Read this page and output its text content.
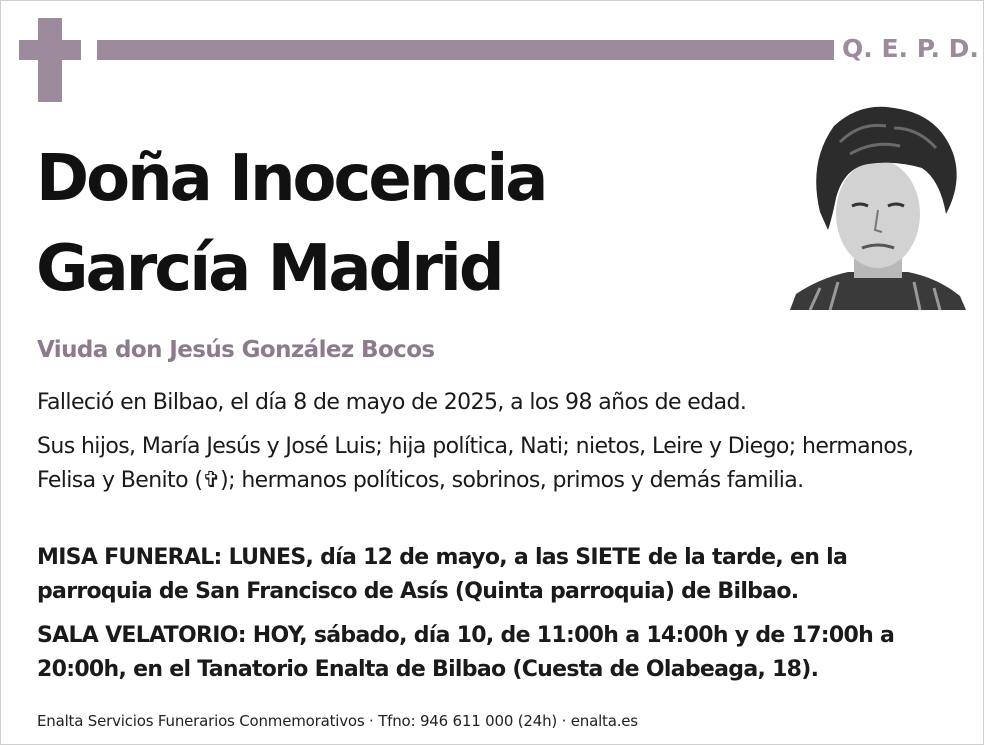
Q. E. P. D.
Doña Inocencia
García Madrid
Viuda don Jesús González Bocos
Falleció en Bilbao, el día 8 de mayo de 2025, a los 98 años de edad.
Sus hijos, María Jesús y José Luis; hija política, Nati; nietos, Leire y Diego; hermanos, Felisa y Benito (✞); hermanos políticos, sobrinos, primos y demás familia.
MISA FUNERAL: LUNES, día 12 de mayo, a las SIETE de la tarde, en la parroquia de San Francisco de Asís (Quinta parroquia) de Bilbao.
SALA VELATORIO: HOY, sábado, día 10, de 11:00h a 14:00h y de 17:00h a 20:00h, en el Tanatorio Enalta de Bilbao (Cuesta de Olabeaga, 18).
Enalta Servicios Funerarios Conmemorativos · Tfno: 946 611 000 (24h) · enalta.es
